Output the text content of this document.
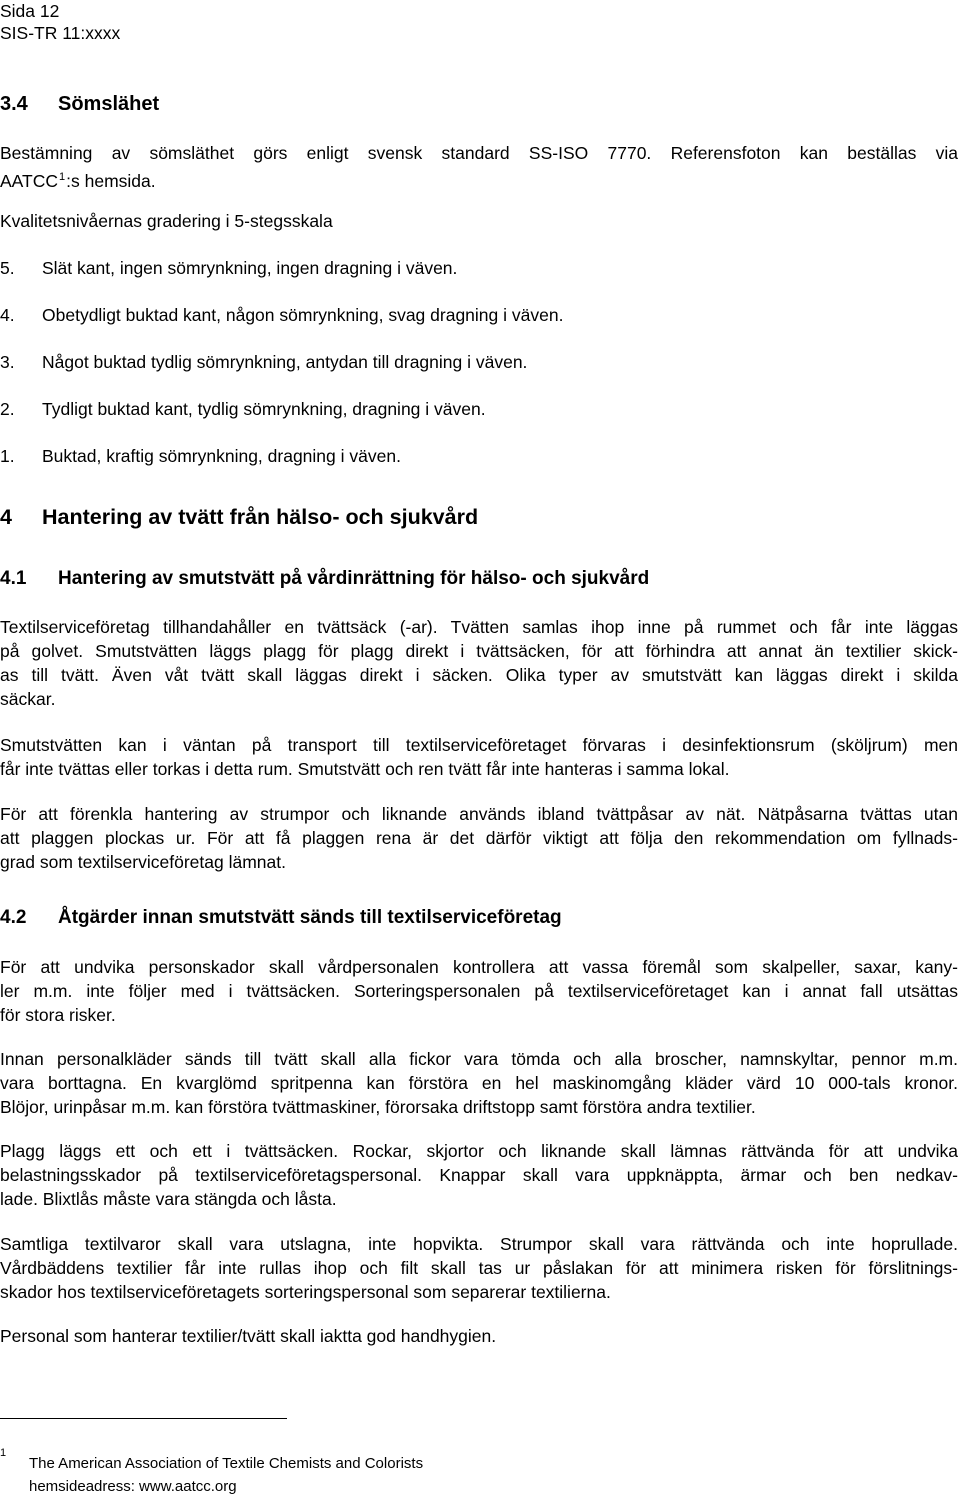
Sida 12
SIS-TR 11:xxxx
3.4 Sömslähet
Bestämning av sömsläthet görs enligt svensk standard SS-ISO 7770. Referensfoton kan beställas via
AATCC$^1$:s hemsida.
Kvalitetsnivåernas gradering i 5-stegsskala
5. Slät kant, ingen sömrynkning, ingen dragning i väven.
4. Obetydligt buktad kant, någon sömrynkning, svag dragning i väven.
3. Något buktad tydlig sömrynkning, antydan till dragning i väven.
2. Tydligt buktad kant, tydlig sömrynkning, dragning i väven.
1. Buktad, kraftig sömrynkning, dragning i väven.
4 Hantering av tvätt från hälso- och sjukvård
4.1 Hantering av smutstvätt på vårdinrättning för hälso- och sjukvård
Textilserviceföretag tillhandahåller en tvättsäck (-ar). Tvätten samlas ihop inne på rummet och får inte läggas
på golvet. Smutstvätten läggs plagg för plagg direkt i tvättsäcken, för att förhindra att annat än textilier skick-
as till tvätt. Även våt tvätt skall läggas direkt i säcken. Olika typer av smutstvätt kan läggas direkt i skilda
säckar.
Smutstvätten kan i väntan på transport till textilserviceföretaget förvaras i desinfektionsrum (sköljrum) men
får inte tvättas eller torkas i detta rum. Smutstvätt och ren tvätt får inte hanteras i samma lokal.
För att förenkla hantering av strumpor och liknande används ibland tvättpåsar av nät. Nätpåsarna tvättas utan
att plaggen plockas ur. För att få plaggen rena är det därför viktigt att följa den rekommendation om fyllnads-
grad som textilserviceföretag lämnat.
4.2 Åtgärder innan smutstvätt sänds till textilserviceföretag
För att undvika personskador skall vårdpersonalen kontrollera att vassa föremål som skalpeller, saxar, kany-
ler m.m. inte följer med i tvättsäcken. Sorteringspersonalen på textilserviceföretaget kan i annat fall utsättas
för stora risker.
Innan personalkläder sänds till tvätt skall alla fickor vara tömda och alla broscher, namnskyltar, pennor m.m.
vara borttagna. En kvarglömd spritpenna kan förstöra en hel maskinomgång kläder värd 10 000-tals kronor.
Blöjor, urinpåsar m.m. kan förstöra tvättmaskiner, förorsaka driftstopp samt förstöra andra textilier.
Plagg läggs ett och ett i tvättsäcken. Rockar, skjortor och liknande skall lämnas rättvända för att undvika
belastningsskador på textilserviceföretagspersonal. Knappar skall vara uppknäppta, ärmar och ben nedkav-
lade. Blixtlås måste vara stängda och låsta.
Samtliga textilvaror skall vara utslagna, inte hopvikta. Strumpor skall vara rättvända och inte hoprullade.
Vårdbäddens textilier får inte rullas ihop och filt skall tas ur påslakan för att minimera risken för förslitnings-
skador hos textilserviceföretagets sorteringspersonal som separerar textilierna.
Personal som hanterar textilier/tvätt skall iaktta god handhygien.
1
The American Association of Textile Chemists and Colorists
hemsideadress: www.aatcc.org
